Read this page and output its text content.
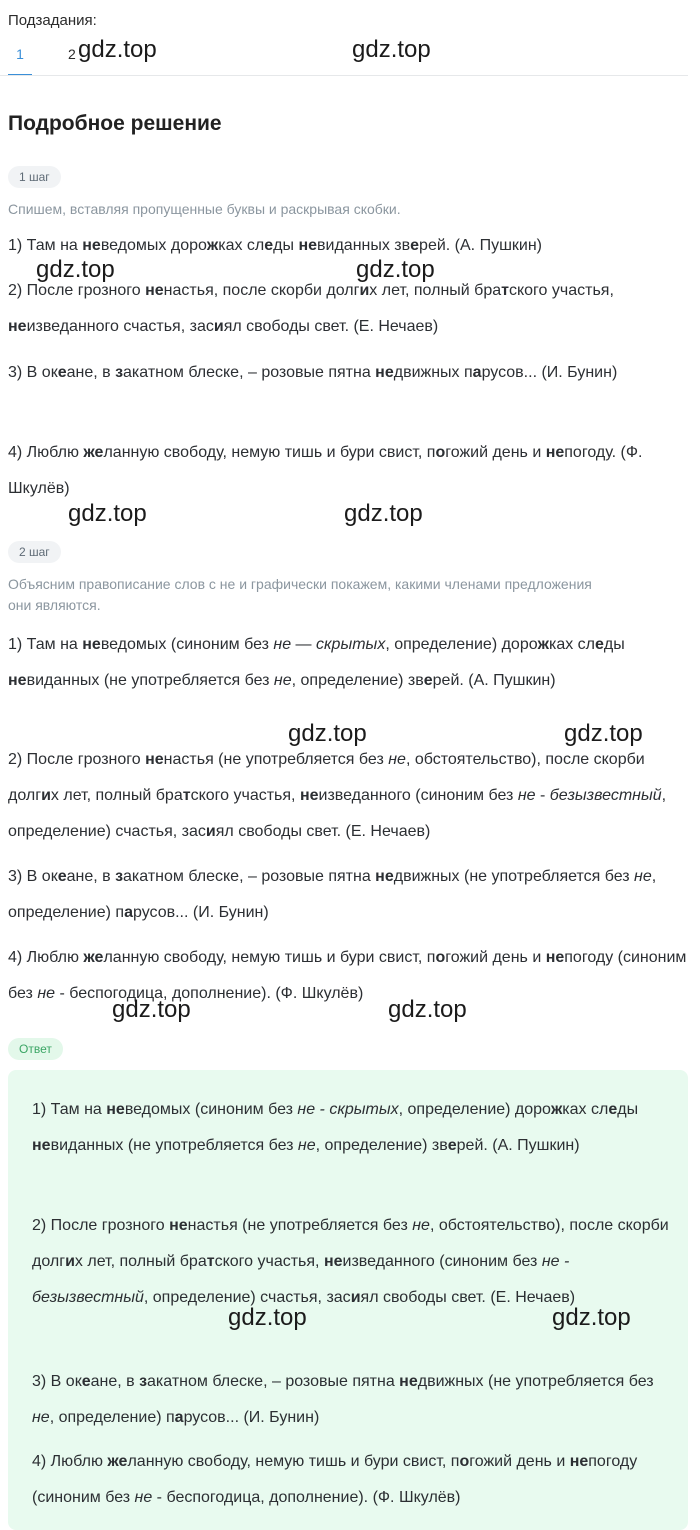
Подзадания:
1	2
Подробное решение
1 шаг
Спишем, вставляя пропущенные буквы и раскрывая скобки.
1) Там на неведомых дорожках следы невиданных зверей. (А. Пушкин)
2) После грозного ненастья, после скорби долгих лет, полный братского участья, неизведанного счастья, засиял свободы свет. (Е. Нечаев)
3) В океане, в закатном блеске, – розовые пятна недвижных парусов... (И. Бунин)
4) Люблю желанную свободу, немую тишь и бури свист, погожий день и непогоду. (Ф. Шкулёв)
2 шаг
Объясним правописание слов с не и графически покажем, какими членами предложения они являются.
1) Там на неведомых (синоним без не — скрытых, определение) дорожках следы невиданных (не употребляется без не, определение) зверей. (А. Пушкин)
2) После грозного ненастья (не употребляется без не, обстоятельство), после скорби долгих лет, полный братского участья, неизведанного (синоним без не - безызвестный, определение) счастья, засиял свободы свет. (Е. Нечаев)
3) В океане, в закатном блеске, – розовые пятна недвижных (не употребляется без не, определение) парусов... (И. Бунин)
4) Люблю желанную свободу, немую тишь и бури свист, погожий день и непогоду (синоним без не - беспогодица, дополнение). (Ф. Шкулёв)
Ответ
1) Там на неведомых (синоним без не - скрытых, определение) дорожках следы невиданных (не употребляется без не, определение) зверей. (А. Пушкин)
2) После грозного ненастья (не употребляется без не, обстоятельство), после скорби долгих лет, полный братского участья, неизведанного (синоним без не - безызвестный, определение) счастья, засиял свободы свет. (Е. Нечаев)
3) В океане, в закатном блеске, – розовые пятна недвижных (не употребляется без не, определение) парусов... (И. Бунин)
4) Люблю желанную свободу, немую тишь и бури свист, погожий день и непогоду (синоним без не - беспогодица, дополнение). (Ф. Шкулёв)
gdz.top	gdz.top
gdz.top	gdz.top
gdz.top	gdz.top
gdz.top	gdz.top
gdz.top	gdz.top
gdz.top	gdz.top
